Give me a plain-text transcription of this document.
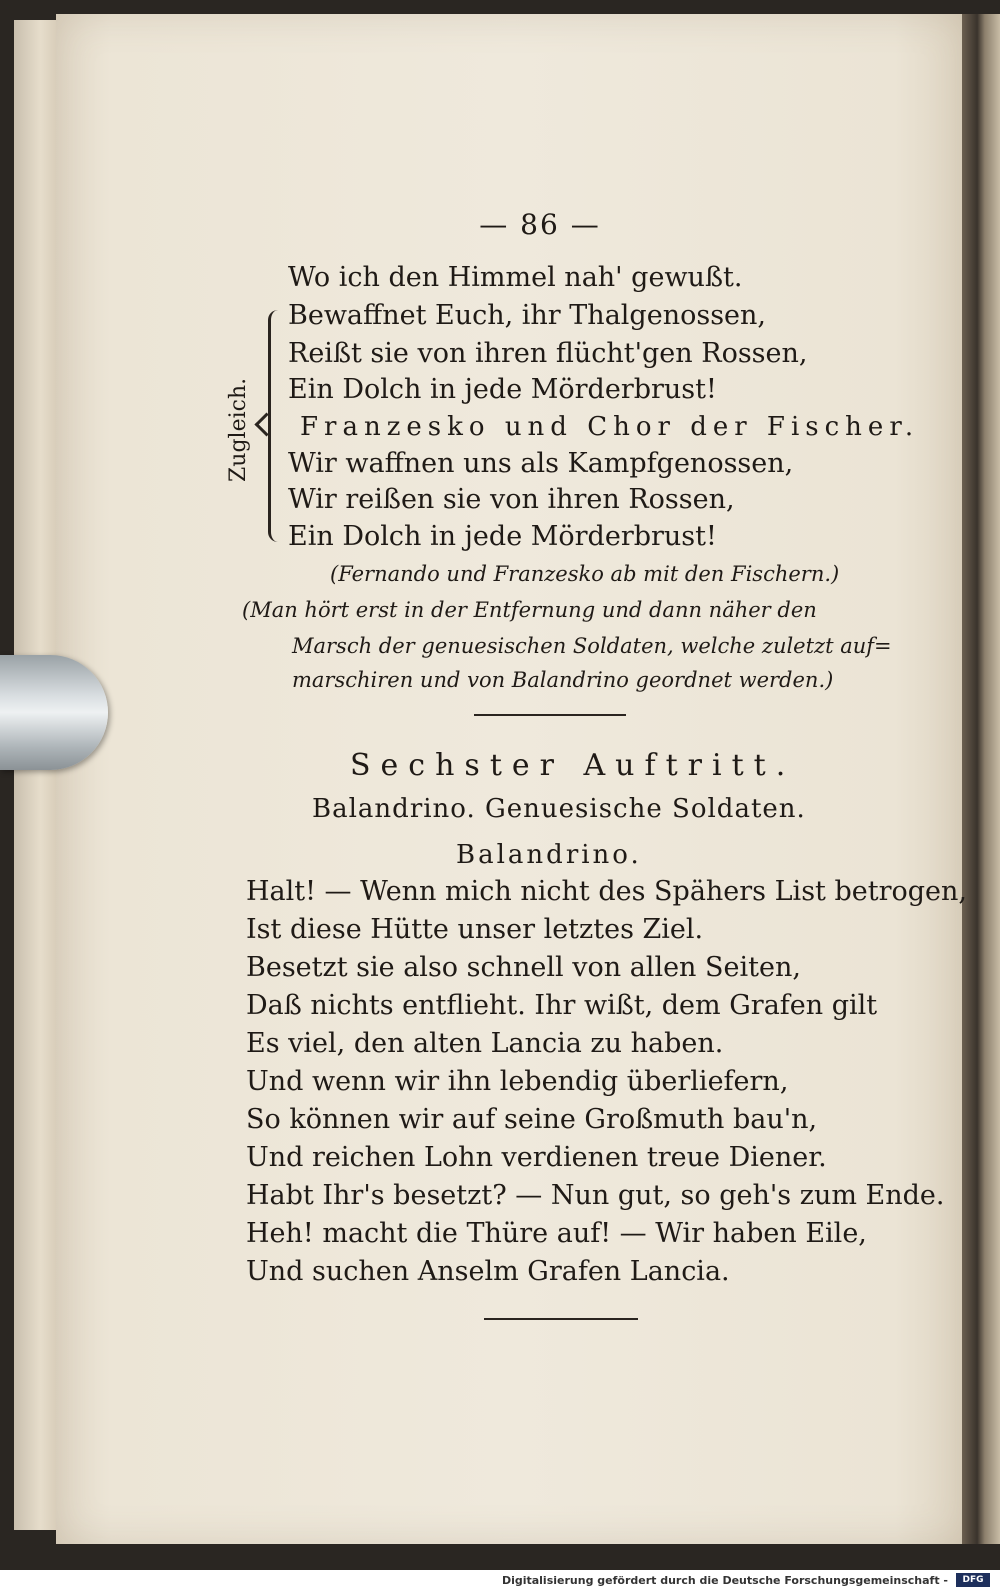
— 86 —
Wo ich den Himmel nah' gewußt.
Bewaffnet Euch, ihr Thalgenossen,
Reißt sie von ihren flücht'gen Rossen,
Ein Dolch in jede Mörderbrust!
Zugleich. Franzesko und Chor der Fischer.
Wir waffnen uns als Kampfgenossen,
Wir reißen sie von ihren Rossen,
Ein Dolch in jede Mörderbrust!
(Fernando und Franzesko ab mit den Fischern.)
(Man hört erst in der Entfernung und dann näher den
Marsch der genuesischen Soldaten, welche zuletzt auf=
marschiren und von Balandrino geordnet werden.)
Sechster Auftritt.
Balandrino. Genuesische Soldaten.
Balandrino.
Halt! — Wenn mich nicht des Spähers List betrogen,
Ist diese Hütte unser letztes Ziel.
Besetzt sie also schnell von allen Seiten,
Daß nichts entflieht. Ihr wißt, dem Grafen gilt
Es viel, den alten Lancia zu haben.
Und wenn wir ihn lebendig überliefern,
So können wir auf seine Großmuth bau'n,
Und reichen Lohn verdienen treue Diener.
Habt Ihr's besetzt? — Nun gut, so geh's zum Ende.
Heh! macht die Thüre auf! — Wir haben Eile,
Und suchen Anselm Grafen Lancia.
Digitalisierung gefördert durch die Deutsche Forschungsgemeinschaft -	DFG
